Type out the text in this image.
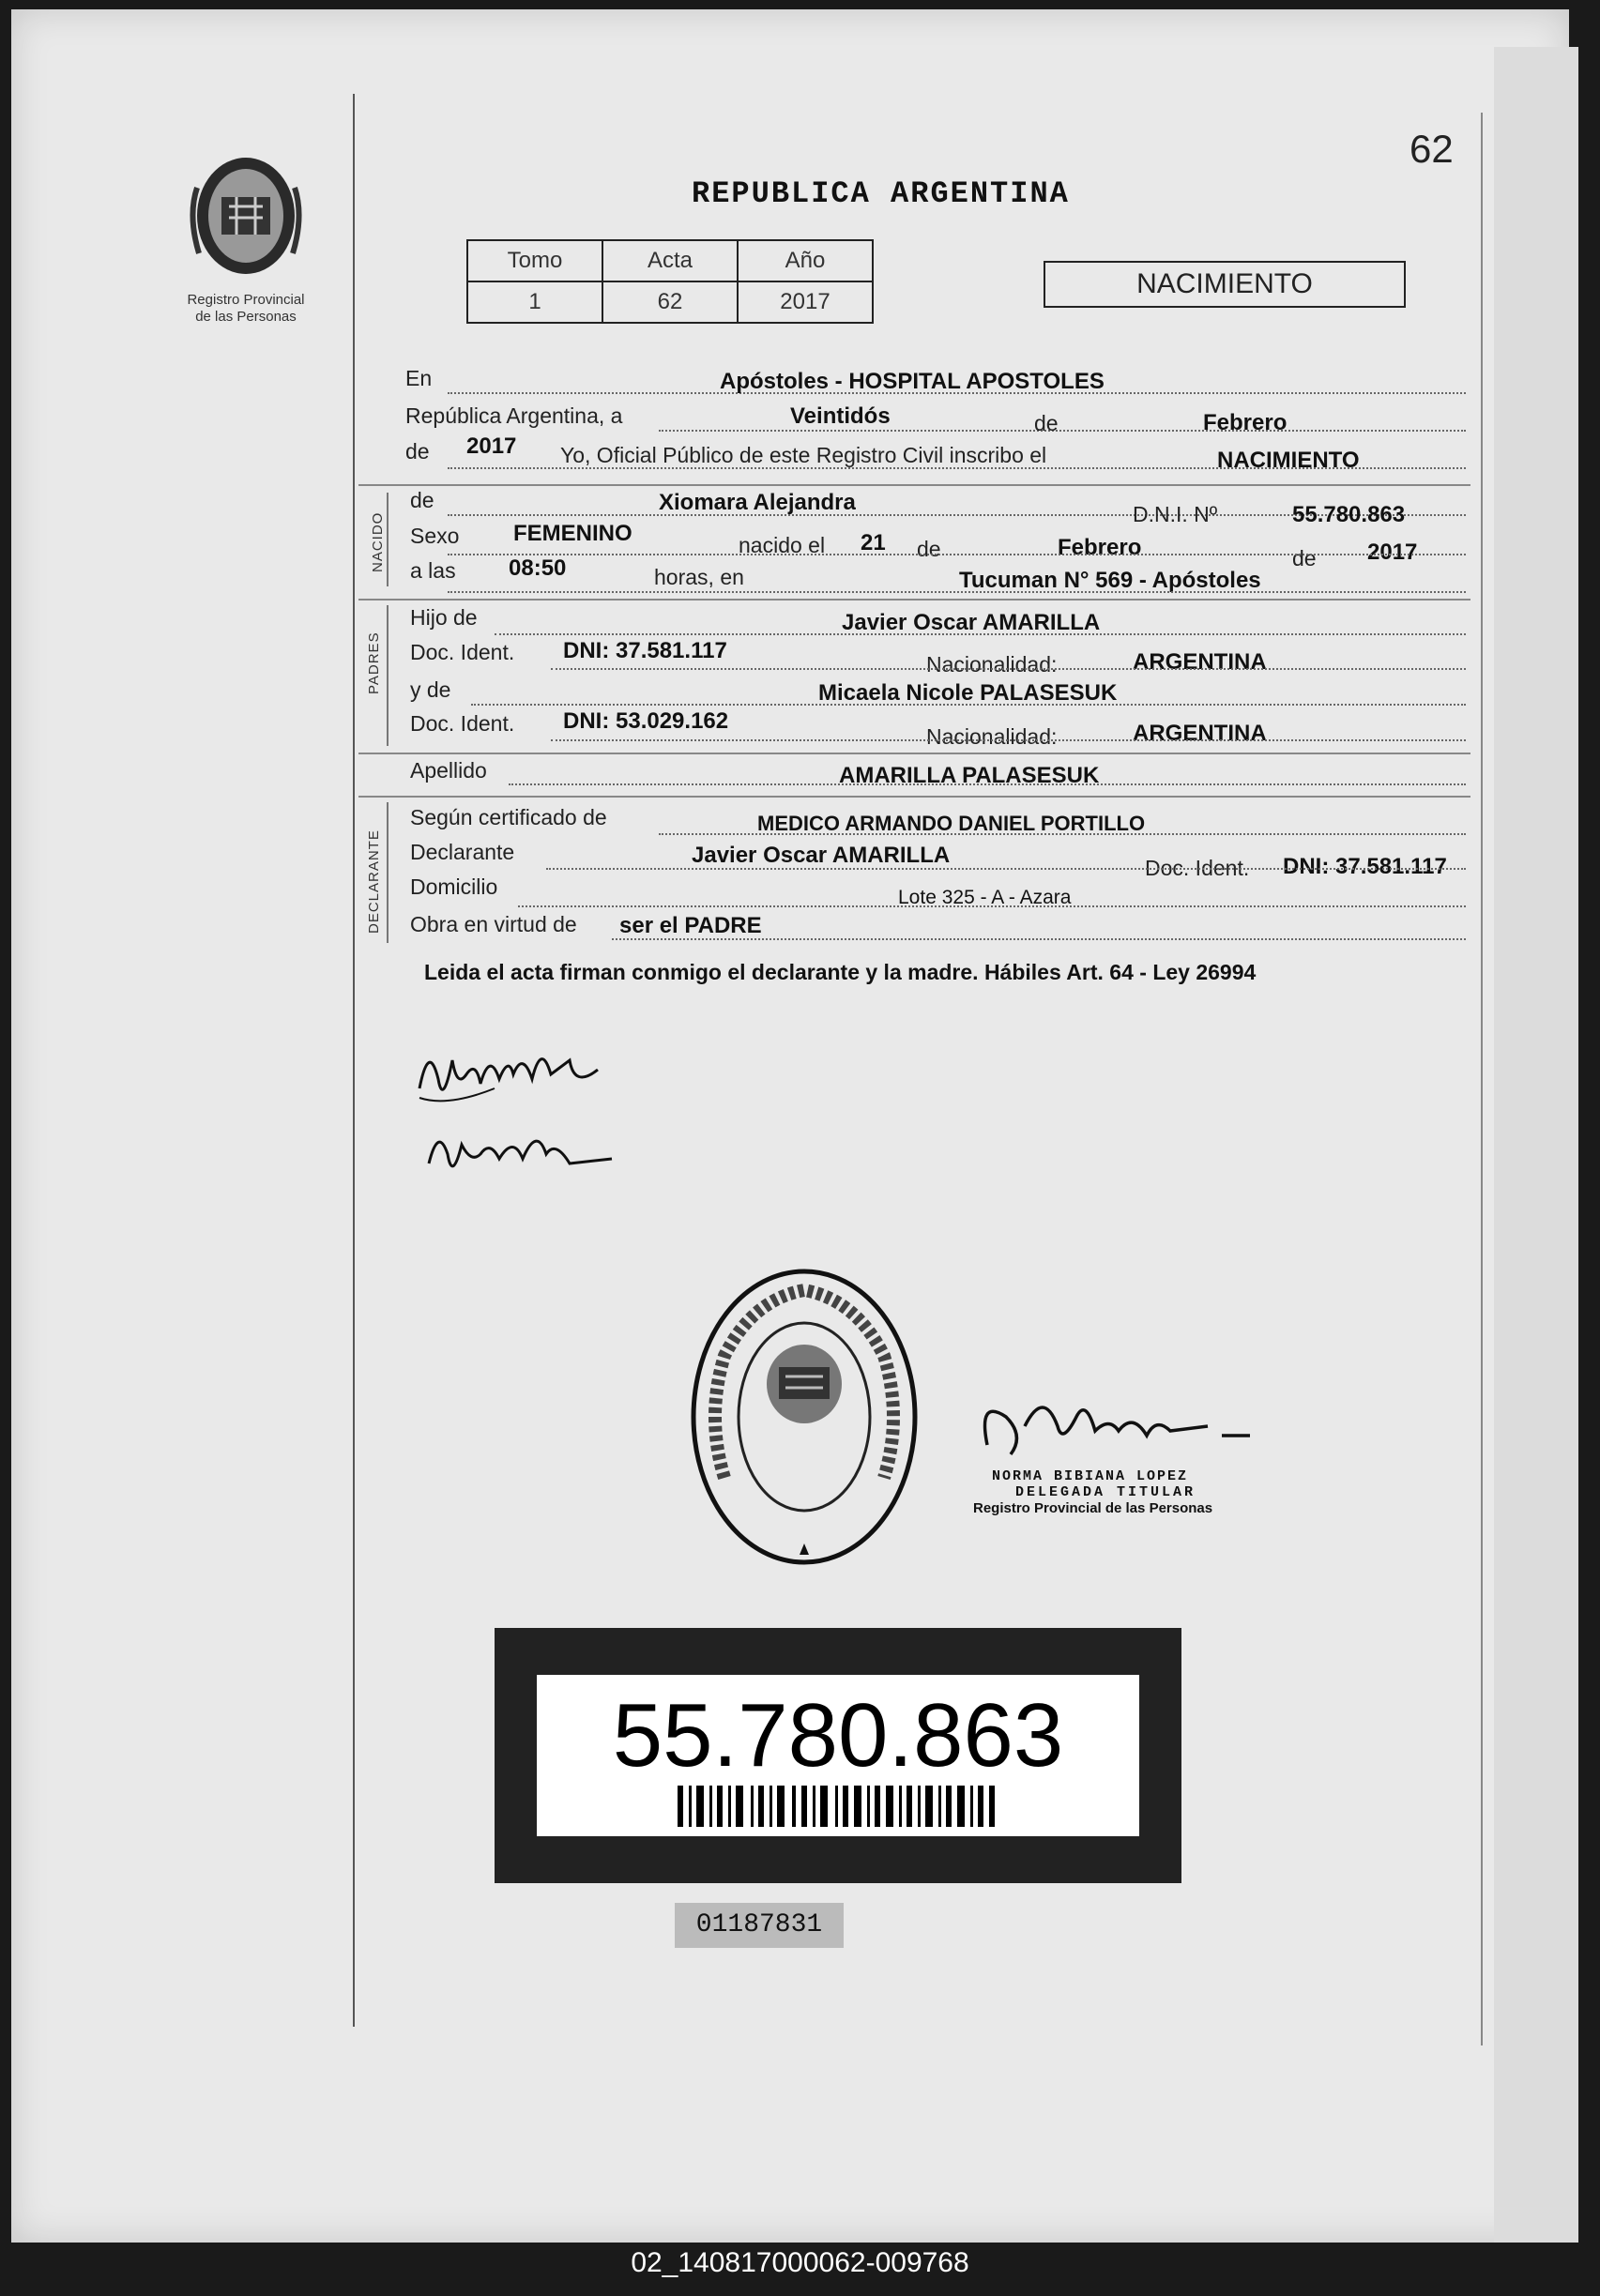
62
Registro Provincial
de las Personas
REPUBLICA ARGENTINA
Tomo	Acta	Año
1	62	2017
NACIMIENTO
En	Apóstoles - HOSPITAL APOSTOLES
República Argentina, a	Veintidós	de	Febrero
de 2017 Yo, Oficial Público de este Registro Civil inscribo el	NACIMIENTO
NACIDO
de	Xiomara Alejandra	D.N.I. Nº	55.780.863
Sexo FEMENINO	nacido el 21 de	Febrero	de 2017
a las 08:50	horas, en	Tucuman N° 569 - Apóstoles
PADRES
Hijo de	Javier Oscar AMARILLA
Doc. Ident. DNI: 37.581.117
Nacionalidad:	ARGENTINA
y de	Micaela Nicole PALASESUK
Doc. Ident. DNI: 53.029.162
Nacionalidad:	ARGENTINA
Apellido	AMARILLA PALASESUK
DECLARANTE
Según certificado de	MEDICO ARMANDO DANIEL PORTILLO
Declarante	Javier Oscar AMARILLA	Doc. Ident. DNI: 37.581.117
Domicilio	Lote 325 - A - Azara
Obra en virtud de ser el PADRE
Leida el acta firman conmigo el declarante y la madre. Hábiles Art. 64 - Ley 26994
NORMA BIBIANA LOPEZ
DELEGADA TITULAR
Registro Provincial de las Personas
55.780.863
01187831
02_140817000062-009768
